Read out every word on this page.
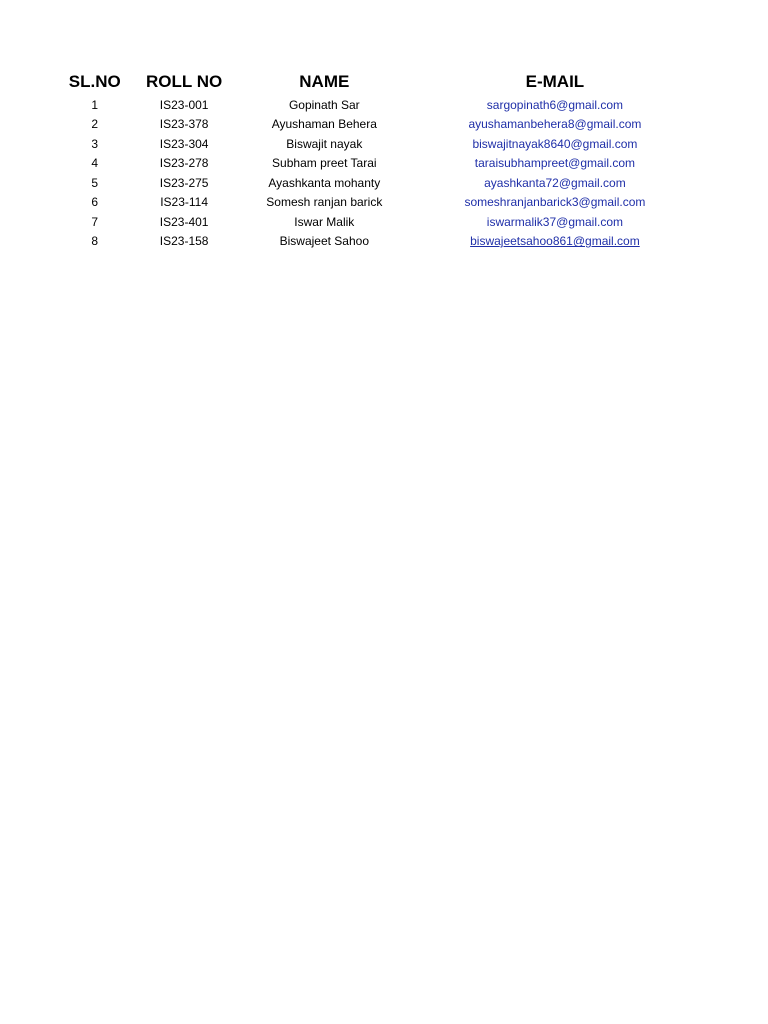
SL.NO	ROLL NO	NAME	E-MAIL
1	IS23-001	Gopinath Sar	sargopinath6@gmail.com
2	IS23-378	Ayushaman Behera	ayushamanbehera8@gmail.com
3	IS23-304	Biswajit nayak	biswajitnayak8640@gmail.com
4	IS23-278	Subham preet Tarai	taraisubhampreet@gmail.com
5	IS23-275	Ayashkanta mohanty	ayashkanta72@gmail.com
6	IS23-114	Somesh ranjan barick	someshranjanbarick3@gmail.com
7	IS23-401	Iswar Malik	iswarmalik37@gmail.com
8	IS23-158	Biswajeet Sahoo	biswajeetsahoo861@gmail.com
